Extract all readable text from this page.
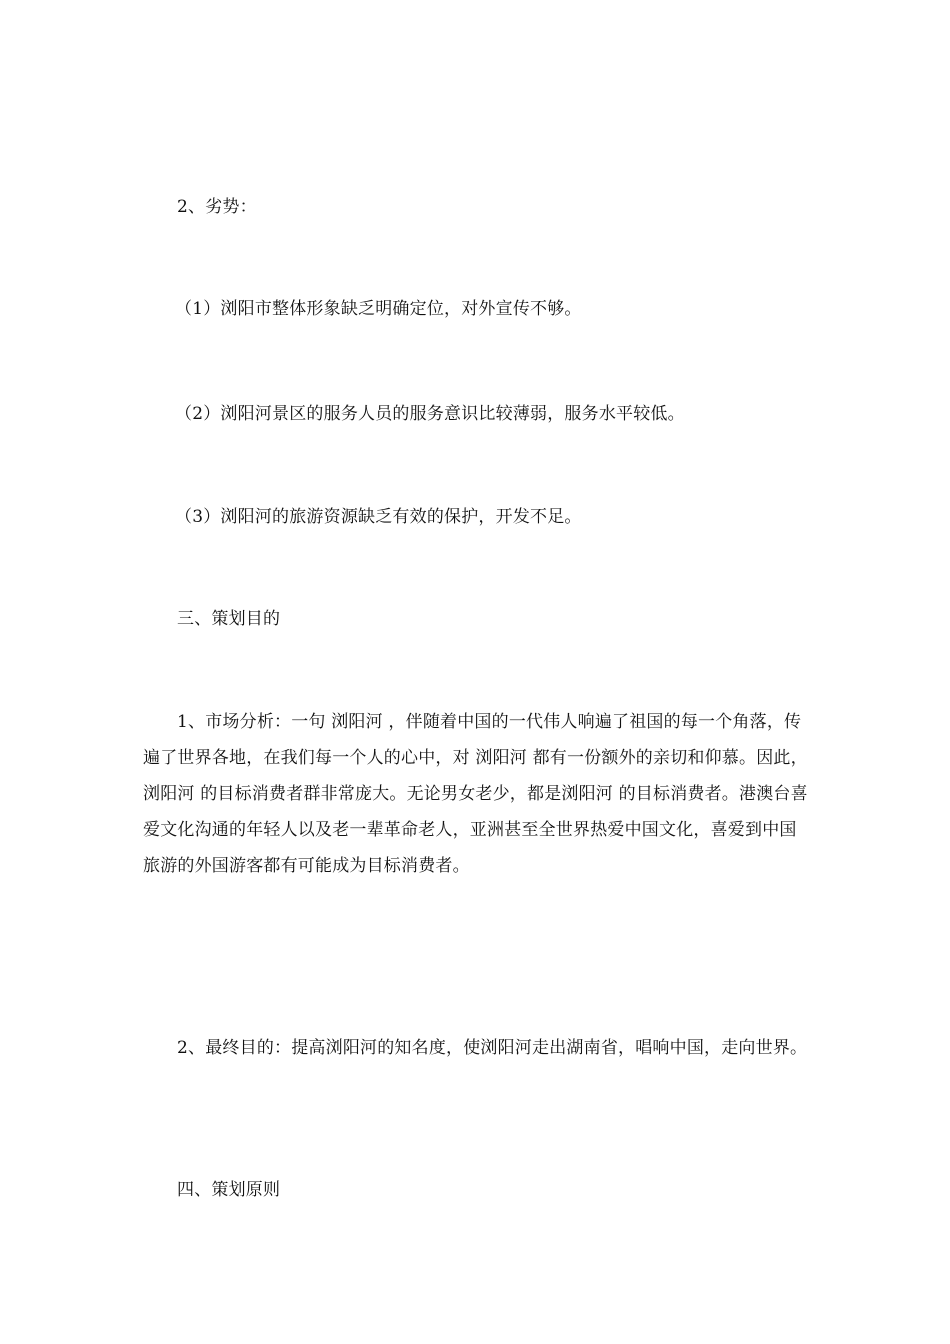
2、劣势：
（1）浏阳市整体形象缺乏明确定位，对外宣传不够。
（2）浏阳河景区的服务人员的服务意识比较薄弱，服务水平较低。
（3）浏阳河的旅游资源缺乏有效的保护，开发不足。
三、策划目的
1、市场分析：一句 浏阳河 ，伴随着中国的一代伟人响遍了祖国的每一个角落，传遍了世界各地，在我们每一个人的心中，对 浏阳河 都有一份额外的亲切和仰慕。因此， 浏阳河 的目标消费者群非常庞大。无论男女老少，都是浏阳河 的目标消费者。港澳台喜爱文化沟通的年轻人以及老一辈革命老人，亚洲甚至全世界热爱中国文化，喜爱到中国旅游的外国游客都有可能成为目标消费者。
2、最终目的：提高浏阳河的知名度，使浏阳河走出湖南省，唱响中国，走向世界。
四、策划原则
